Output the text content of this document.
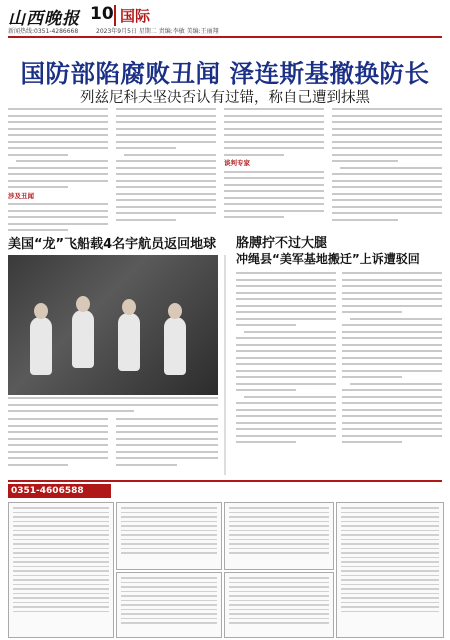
山西晚报 10 国际
新闻热线:0351-4286668	2023年9月5日 星期二 责编:李敏 美编:王丽翔
国防部陷腐败丑闻 泽连斯基撤换防长
列兹尼科夫坚决否认有过错，称自己遭到抹黑
涉及丑闻
谈判专家
美国“龙”飞船载4名宇航员返回地球 胳膊拧不过大腿
冲绳县“美军基地搬迁”上诉遭驳回
0351-4606588
